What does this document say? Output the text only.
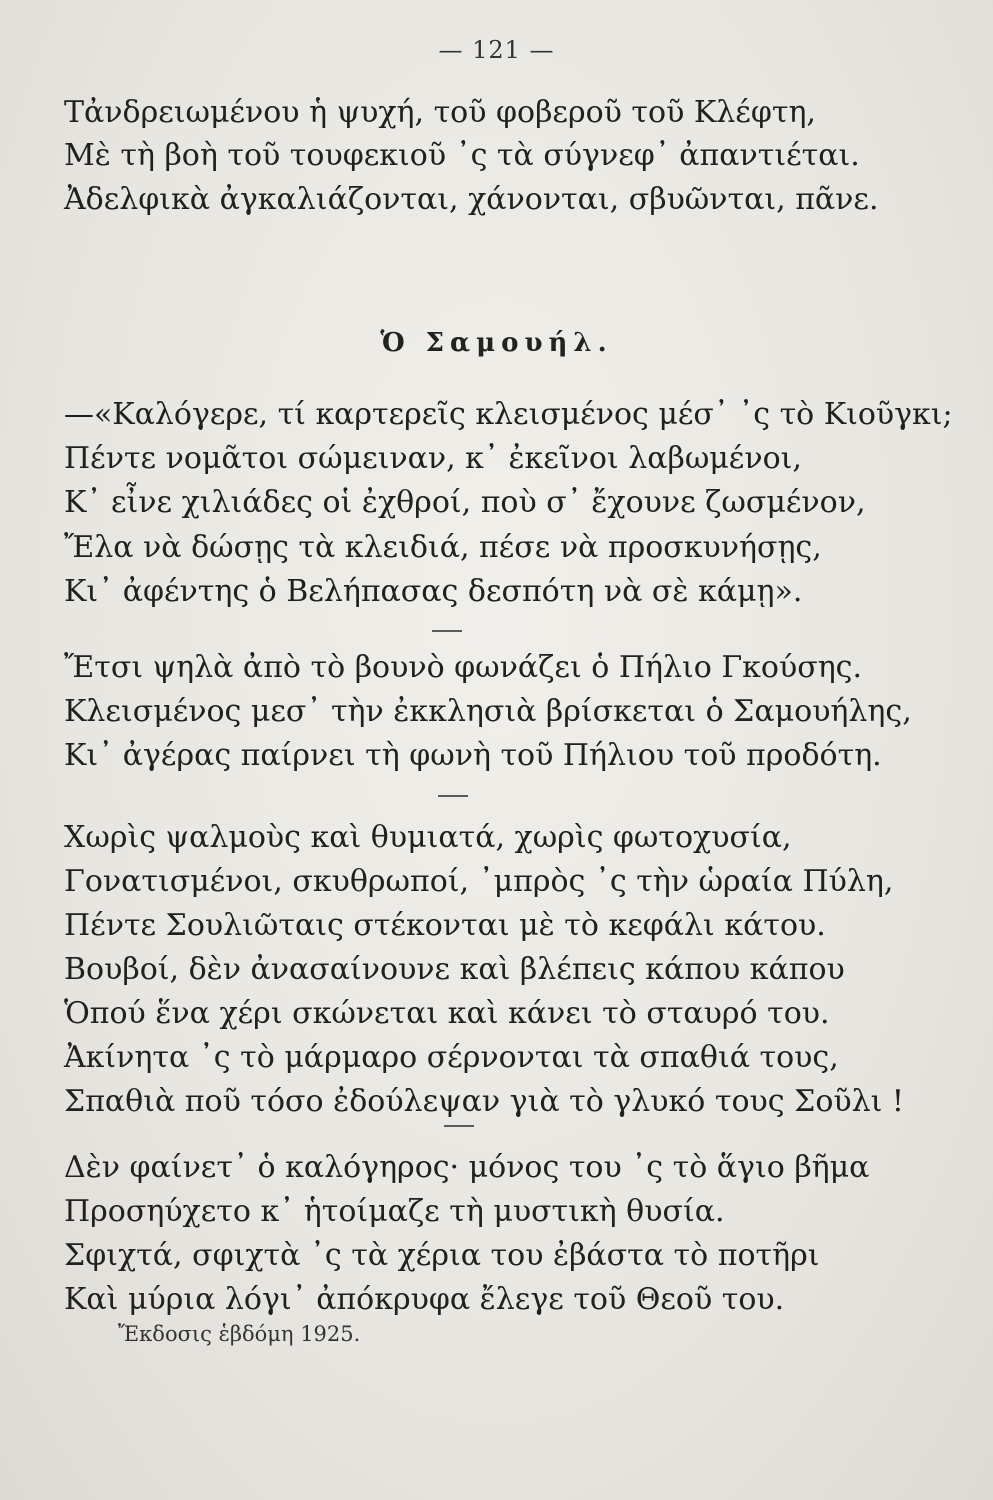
— 121 —
Τἀνδρειωμένου ἡ ψυχή, τοῦ φοβεροῦ τοῦ Κλέφτη,
Μὲ τὴ βοὴ τοῦ τουφεκιοῦ ᾽ς τὰ σύγνεφ᾽ ἀπαντιέται.
Ἀδελφικὰ ἀγκαλιάζονται, χάνονται, σβυῶνται, πᾶνε.
Ὁ Σαμουήλ.
—«Καλόγερε, τί καρτερεῖς κλεισμένος μέσ᾽ ᾽ς τὸ Κιοῦγκι;
Πέντε νομᾶτοι σώμειναν, κ᾽ ἐκεῖνοι λαβωμένοι,
Κ᾽ εἶνε χιλιάδες οἱ ἐχθροί, ποὺ σ᾽ ἔχουνε ζωσμένον,
Ἔλα νὰ δώσῃς τὰ κλειδιά, πέσε νὰ προσκυνήσῃς,
Κι᾽ ἀφέντης ὁ Βελήπασας δεσπότη νὰ σὲ κάμῃ».
Ἔτσι ψηλὰ ἀπὸ τὸ βουνὸ φωνάζει ὁ Πήλιο Γκούσης.
Κλεισμένος μεσ᾽ τὴν ἐκκλησιὰ βρίσκεται ὁ Σαμουήλης,
Κι᾽ ἀγέρας παίρνει τὴ φωνὴ τοῦ Πήλιου τοῦ προδότη.
Χωρὶς ψαλμοὺς καὶ θυμιατά, χωρὶς φωτοχυσία,
Γονατισμένοι, σκυθρωποί, ᾽μπρὸς ᾽ς τὴν ὡραία Πύλη,
Πέντε Σουλιῶταις στέκονται μὲ τὸ κεφάλι κάτου.
Βουβοί, δὲν ἀνασαίνουνε καὶ βλέπεις κάπου κάπου
Ὁπού ἕνα χέρι σκώνεται καὶ κάνει τὸ σταυρό του.
Ἀκίνητα ᾽ς τὸ μάρμαρο σέρνονται τὰ σπαθιά τους,
Σπαθιὰ ποῦ τόσο ἐδούλεψαν γιὰ τὸ γλυκό τους Σοῦλι !
Δὲν φαίνετ᾽ ὁ καλόγηρος· μόνος του ᾽ς τὸ ἅγιο βῆμα
Προσηύχετο κ᾽ ἡτοίμαζε τὴ μυστικὴ θυσία.
Σφιχτά, σφιχτὰ ᾽ς τὰ χέρια του ἐβάστα τὸ ποτῆρι
Καὶ μύρια λόγι᾽ ἀπόκρυφα ἔλεγε τοῦ Θεοῦ του.
Ἔκδοσις ἑβδόμη 1925.
